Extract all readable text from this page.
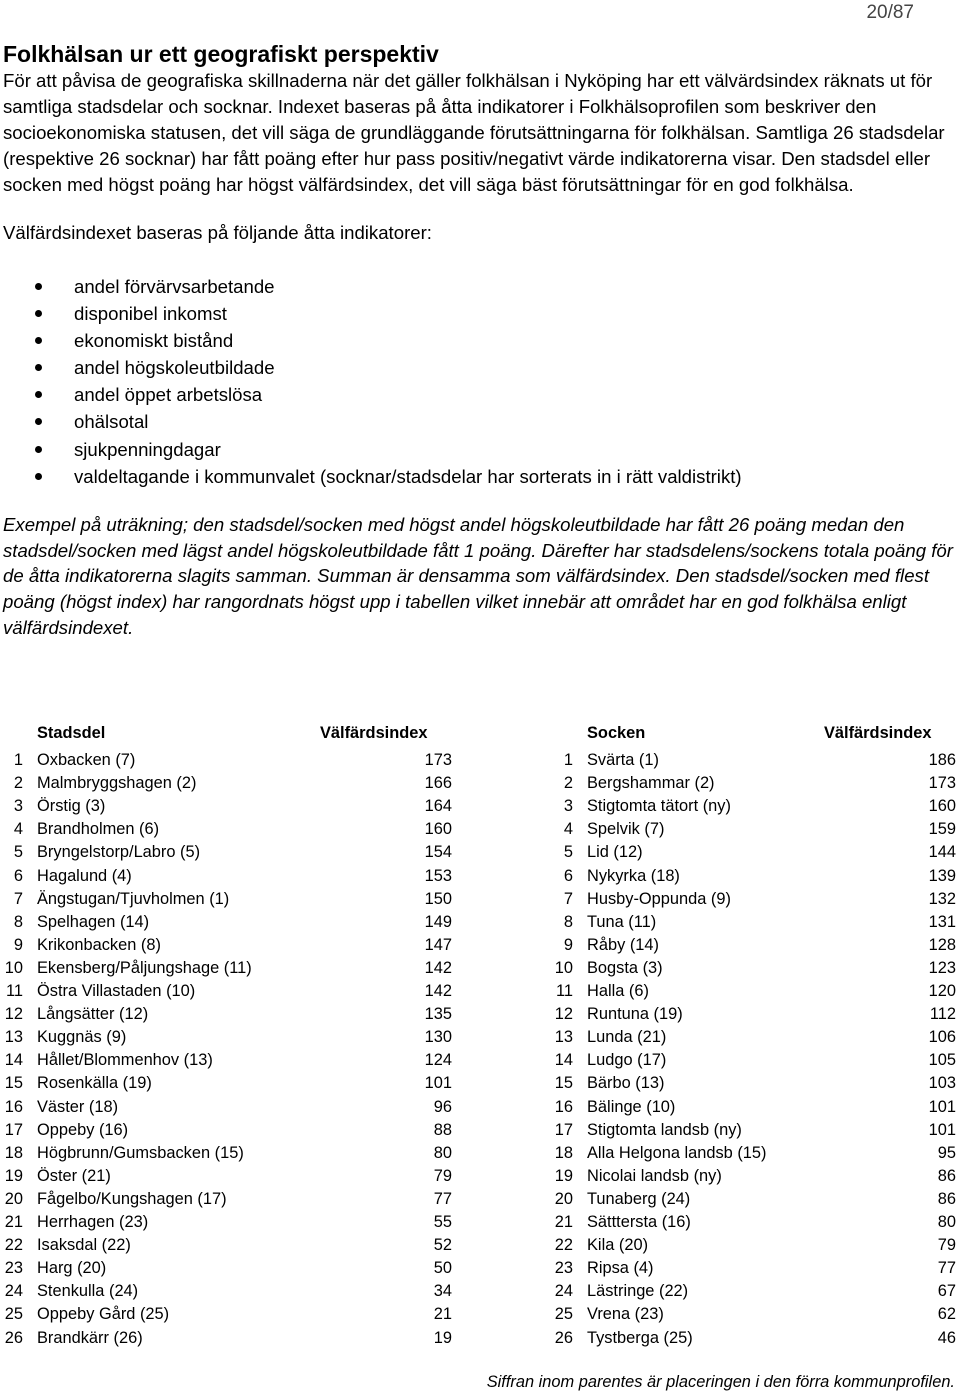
20/87
Folkhälsan ur ett geografiskt perspektiv

För att påvisa de geografiska skillnaderna när det gäller folkhälsan i Nyköping har ett välvärdsindex räknats ut för samtliga stadsdelar och socknar. Indexet baseras på åtta indikatorer i Folkhälsoprofilen som beskriver den socioekonomiska statusen, det vill säga de grundläggande förutsättningarna för folkhälsan. Samtliga 26 stadsdelar (respektive 26 socknar) har fått poäng efter hur pass positiv/negativt värde indikatorerna visar. Den stadsdel eller socken med högst poäng har högst välfärdsindex, det vill säga bäst förutsättningar för en god folkhälsa.

Välfärdsindexet baseras på följande åtta indikatorer:

andel förvärvsarbetande
disponibel inkomst
ekonomiskt bistånd
andel högskoleutbildade
andel öppet arbetslösa
ohälsotal
sjukpenningdagar
valdeltagande i kommunvalet (socknar/stadsdelar har sorterats in i rätt valdistrikt)

Exempel på uträkning; den stadsdel/socken med högst andel högskoleutbildade har fått 26 poäng medan den stadsdel/socken med lägst andel högskoleutbildade fått 1 poäng. Därefter har stadsdelens/sockens totala poäng för de åtta indikatorerna slagits samman. Summan är densamma som välfärdsindex. Den stadsdel/socken med flest poäng (högst index) har rangordnats högst upp i tabellen vilket innebär att området har en god folkhälsa enligt välfärdsindexet.

Stadsdel	Välfärdsindex
1 Oxbacken (7)	173
2 Malmbryggshagen (2)	166
3 Örstig (3)	164
4 Brandholmen (6)	160
5 Bryngelstorp/Labro (5)	154
6 Hagalund (4)	153
7 Ängstugan/Tjuvholmen (1)	150
8 Spelhagen (14)	149
9 Krikonbacken (8)	147
10 Ekensberg/Påljungshage (11)	142
11 Östra Villastaden (10)	142
12 Långsätter (12)	135
13 Kuggnäs (9)	130
14 Hållet/Blommenhov (13)	124
15 Rosenkälla (19)	101
16 Väster (18)	96
17 Oppeby (16)	88
18 Högbrunn/Gumsbacken (15)	80
19 Öster (21)	79
20 Fågelbo/Kungshagen (17)	77
21 Herrhagen (23)	55
22 Isaksdal (22)	52
23 Harg (20)	50
24 Stenkulla (24)	34
25 Oppeby Gård (25)	21
26 Brandkärr (26)	19
Socken	Välfärdsindex
1 Svärta (1)	186
2 Bergshammar (2)	173
3 Stigtomta tätort (ny)	160
4 Spelvik (7)	159
5 Lid (12)	144
6 Nykyrka (18)	139
7 Husby-Oppunda (9)	132
8 Tuna (11)	131
9 Råby (14)	128
10 Bogsta (3)	123
11 Halla (6)	120
12 Runtuna (19)	112
13 Lunda (21)	106
14 Ludgo (17)	105
15 Bärbo (13)	103
16 Bälinge (10)	101
17 Stigtomta landsb (ny)	101
18 Alla Helgona landsb (15)	95
19 Nicolai landsb (ny)	86
20 Tunaberg (24)	86
21 Sätttersta (16)	80
22 Kila (20)	79
23 Ripsa (4)	77
24 Lästringe (22)	67
25 Vrena (23)	62
26 Tystberga (25)	46
Siffran inom parentes är placeringen i den förra kommunprofilen.
